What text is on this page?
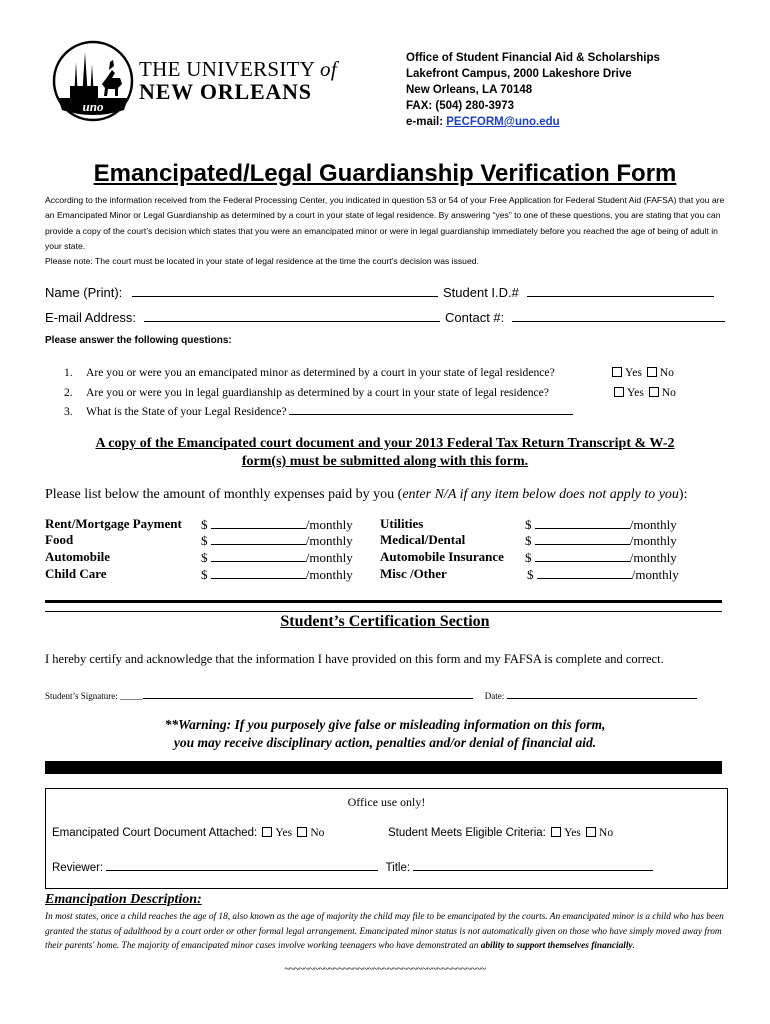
uno
THE UNIVERSITY of
NEW ORLEANS
Office of Student Financial Aid & Scholarships
Lakefront Campus, 2000 Lakeshore Drive
New Orleans, LA 70148
FAX: (504) 280-3973
e-mail: PECFORM@uno.edu
Emancipated/Legal Guardianship Verification Form

According to the information received from the Federal Processing Center, you indicated in question 53 or 54 of your Free Application for Federal Student Aid (FAFSA) that you are an Emancipated Minor or Legal Guardianship as determined by a court in your state of legal residence. By answering “yes” to one of these questions, you are stating that you can provide a copy of the court’s decision which states that you were an emancipated minor or were in legal guardianship immediately before you reached the age of being of adult in your state.

Please note: The court must be located in your state of legal residence at the time the court’s decision was issued.

Name (Print):	Student I.D.#
E-mail Address:	Contact #:
Please answer the following questions:
1. Are you or were you an emancipated minor as determined by a court in your state of legal residence?	Yes No
2. Are you or were you in legal guardianship as determined by a court in your state of legal residence?	Yes No
3. What is the State of your Legal Residence?
A copy of the Emancipated court document and your 2013 Federal Tax Return Transcript & W-2
form(s) must be submitted along with this form.
Please list below the amount of monthly expenses paid by you (enter N/A if any item below does not apply to you):
Rent/Mortgage Payment $	/monthly Utilities	$	/monthly
Food	$	/monthly Medical/Dental	$	/monthly
Automobile	$	/monthly Automobile Insurance $	/monthly
Child Care	$	/monthly Misc /Other	$	/monthly
Student’s Certification Section
I hereby certify and acknowledge that the information I have provided on this form and my FAFSA is complete and correct.
Student’s Signature: _____	Date:
**Warning: If you purposely give false or misleading information on this form,
you may receive disciplinary action, penalties and/or denial of financial aid.
Office use only!
Emancipated Court Document Attached: Yes No	Student Meets Eligible Criteria: Yes No
Reviewer:	Title:
Emancipation Description:
In most states, once a child reaches the age of 18, also known as the age of majority the child may file to be emancipated by the courts. An emancipated minor is a child who has been granted the status of adulthood by a court order or other formal legal arrangement. Emancipated minor status is not automatically given on those who have simply moved away from their parents' home. The majority of emancipated minor cases involve working teenagers who have demonstrated an ability to support themselves financially.
~~~~~~~~~~~~~~~~~~~~~~~~~~~~~~~~~~~~~~~~~
